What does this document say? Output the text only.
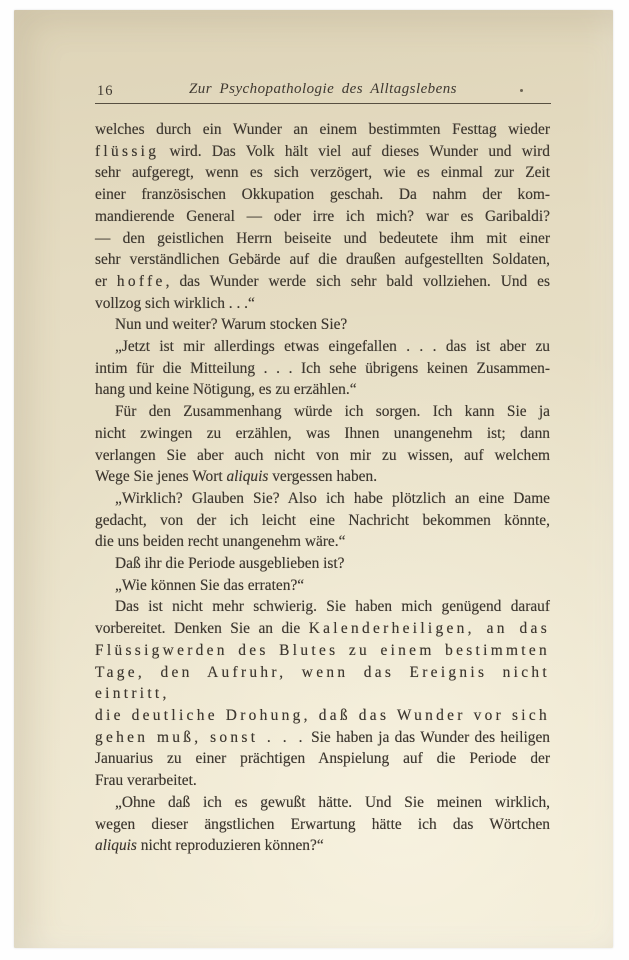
16	Zur Psychopathologie des Alltagslebens
welches durch ein Wunder an einem bestimmten Festtag wieder
flüssig wird. Das Volk hält viel auf dieses Wunder und wird
sehr aufgeregt, wenn es sich verzögert, wie es einmal zur Zeit
einer französischen Okkupation geschah. Da nahm der kom-
mandierende General — oder irre ich mich? war es Garibaldi?
— den geistlichen Herrn beiseite und bedeutete ihm mit einer
sehr verständlichen Gebärde auf die draußen aufgestellten Soldaten,
er hoffe, das Wunder werde sich sehr bald vollziehen. Und es
vollzog sich wirklich . . .“
Nun und weiter? Warum stocken Sie?
„Jetzt ist mir allerdings etwas eingefallen . . . das ist aber zu
intim für die Mitteilung . . . Ich sehe übrigens keinen Zusammen-
hang und keine Nötigung, es zu erzählen.“
Für den Zusammenhang würde ich sorgen. Ich kann Sie ja
nicht zwingen zu erzählen, was Ihnen unangenehm ist; dann
verlangen Sie aber auch nicht von mir zu wissen, auf welchem
Wege Sie jenes Wort aliquis vergessen haben.
„Wirklich? Glauben Sie? Also ich habe plötzlich an eine Dame
gedacht, von der ich leicht eine Nachricht bekommen könnte,
die uns beiden recht unangenehm wäre.“
Daß ihr die Periode ausgeblieben ist?
„Wie können Sie das erraten?“
Das ist nicht mehr schwierig. Sie haben mich genügend darauf
vorbereitet. Denken Sie an die Kalenderheiligen, an das
Flüssigwerden des Blutes zu einem bestimmten
Tage, den Aufruhr, wenn das Ereignis nicht eintritt,
die deutliche Drohung, daß das Wunder vor sich
gehen muß, sonst . . . Sie haben ja das Wunder des heiligen
Januarius zu einer prächtigen Anspielung auf die Periode der
Frau verarbeitet.
„Ohne daß ich es gewußt hätte. Und Sie meinen wirklich,
wegen dieser ängstlichen Erwartung hätte ich das Wörtchen
aliquis nicht reproduzieren können?“
